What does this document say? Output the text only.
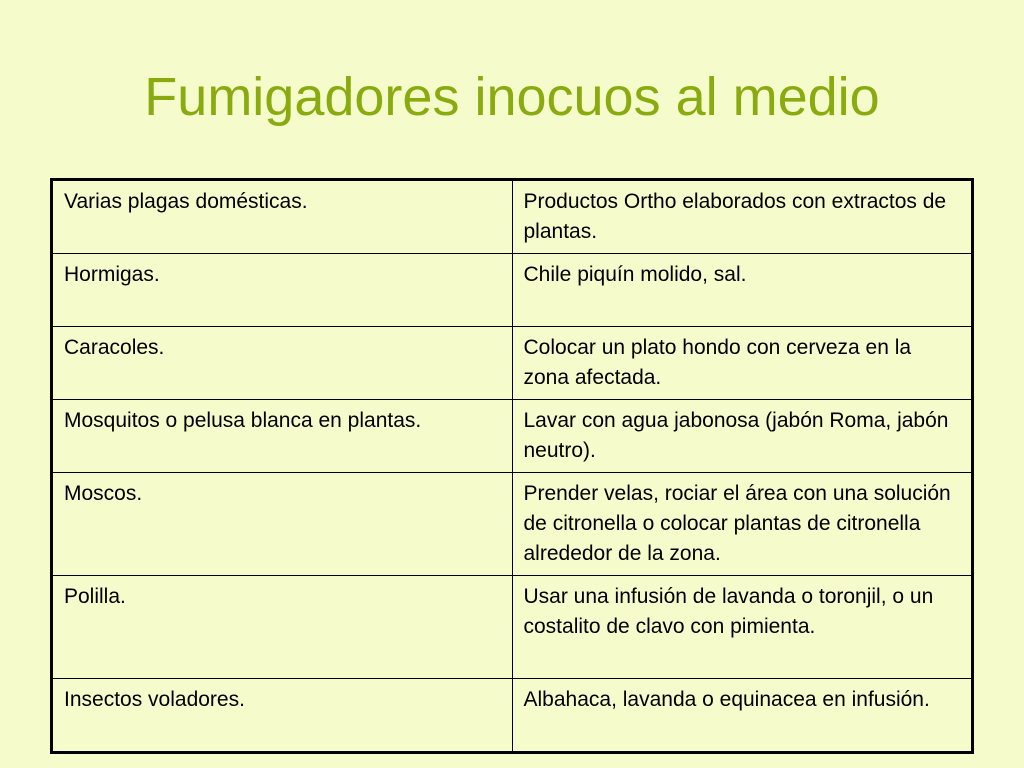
Fumigadores inocuos al medio
Varias plagas domésticas.	Productos Ortho elaborados con extractos de plantas.
Hormigas.	Chile piquín molido, sal.
Caracoles.	Colocar un plato hondo con cerveza en la zona afectada.
Mosquitos o pelusa blanca en plantas.	Lavar con agua jabonosa (jabón Roma, jabón neutro).
Moscos.	Prender velas, rociar el área con una solución de citronella o colocar plantas de citronella alrededor de la zona.
Polilla.	Usar una infusión de lavanda o toronjil, o un costalito de clavo con pimienta.
Insectos voladores.	Albahaca, lavanda o equinacea en infusión.
